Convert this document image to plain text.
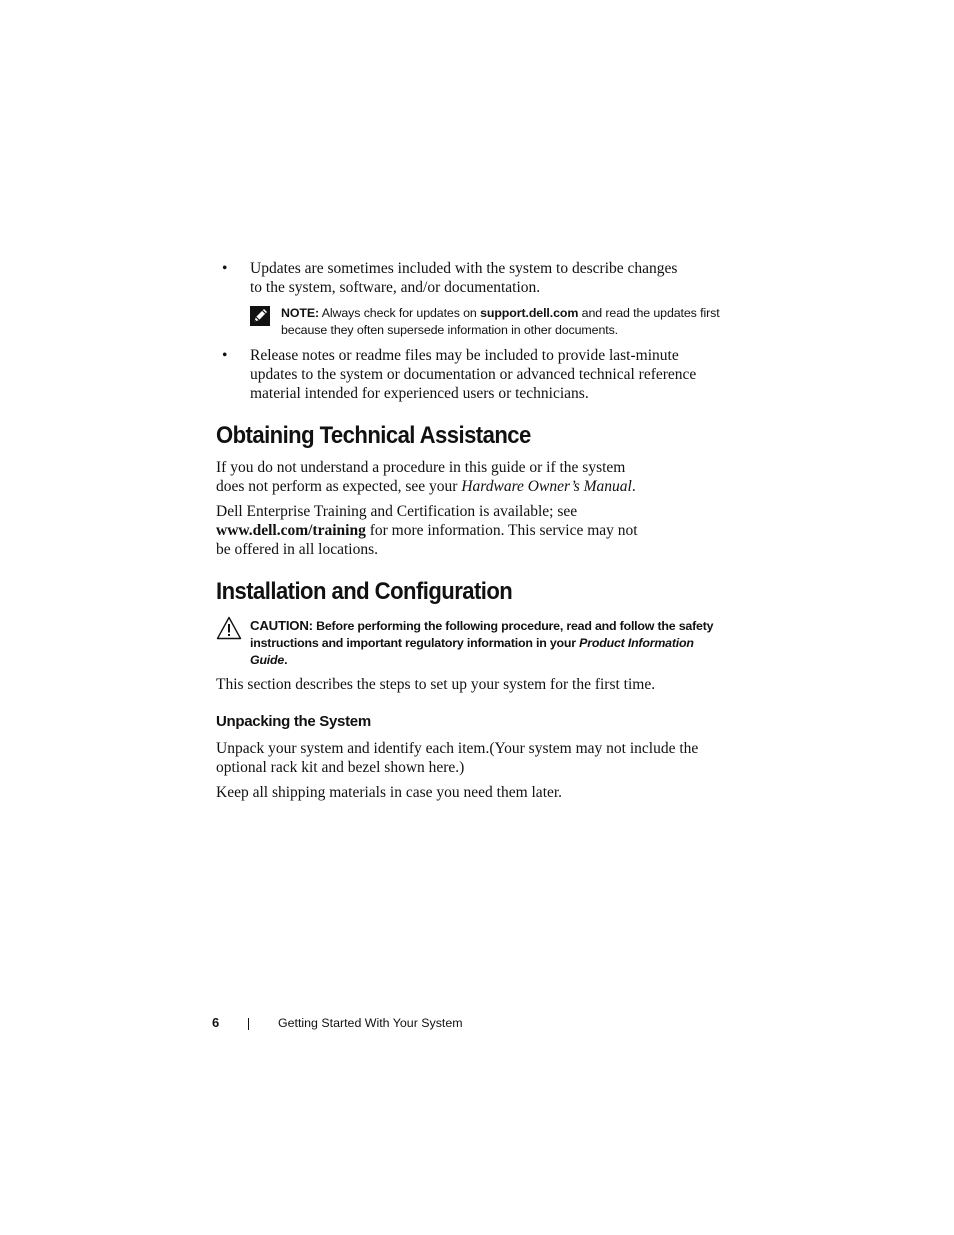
• Updates are sometimes included with the system to describe changes to the system, software, and/or documentation.
NOTE: Always check for updates on support.dell.com and read the updates first because they often supersede information in other documents.
• Release notes or readme files may be included to provide last-minute updates to the system or documentation or advanced technical reference material intended for experienced users or technicians.
Obtaining Technical Assistance
If you do not understand a procedure in this guide or if the system does not perform as expected, see your Hardware Owner’s Manual.
Dell Enterprise Training and Certification is available; see www.dell.com/training for more information. This service may not be offered in all locations.
Installation and Configuration
CAUTION: Before performing the following procedure, read and follow the safety instructions and important regulatory information in your Product Information Guide.
This section describes the steps to set up your system for the first time.
Unpacking the System
Unpack your system and identify each item.(Your system may not include the optional rack kit and bezel shown here.)
Keep all shipping materials in case you need them later.
6	Getting Started With Your System
